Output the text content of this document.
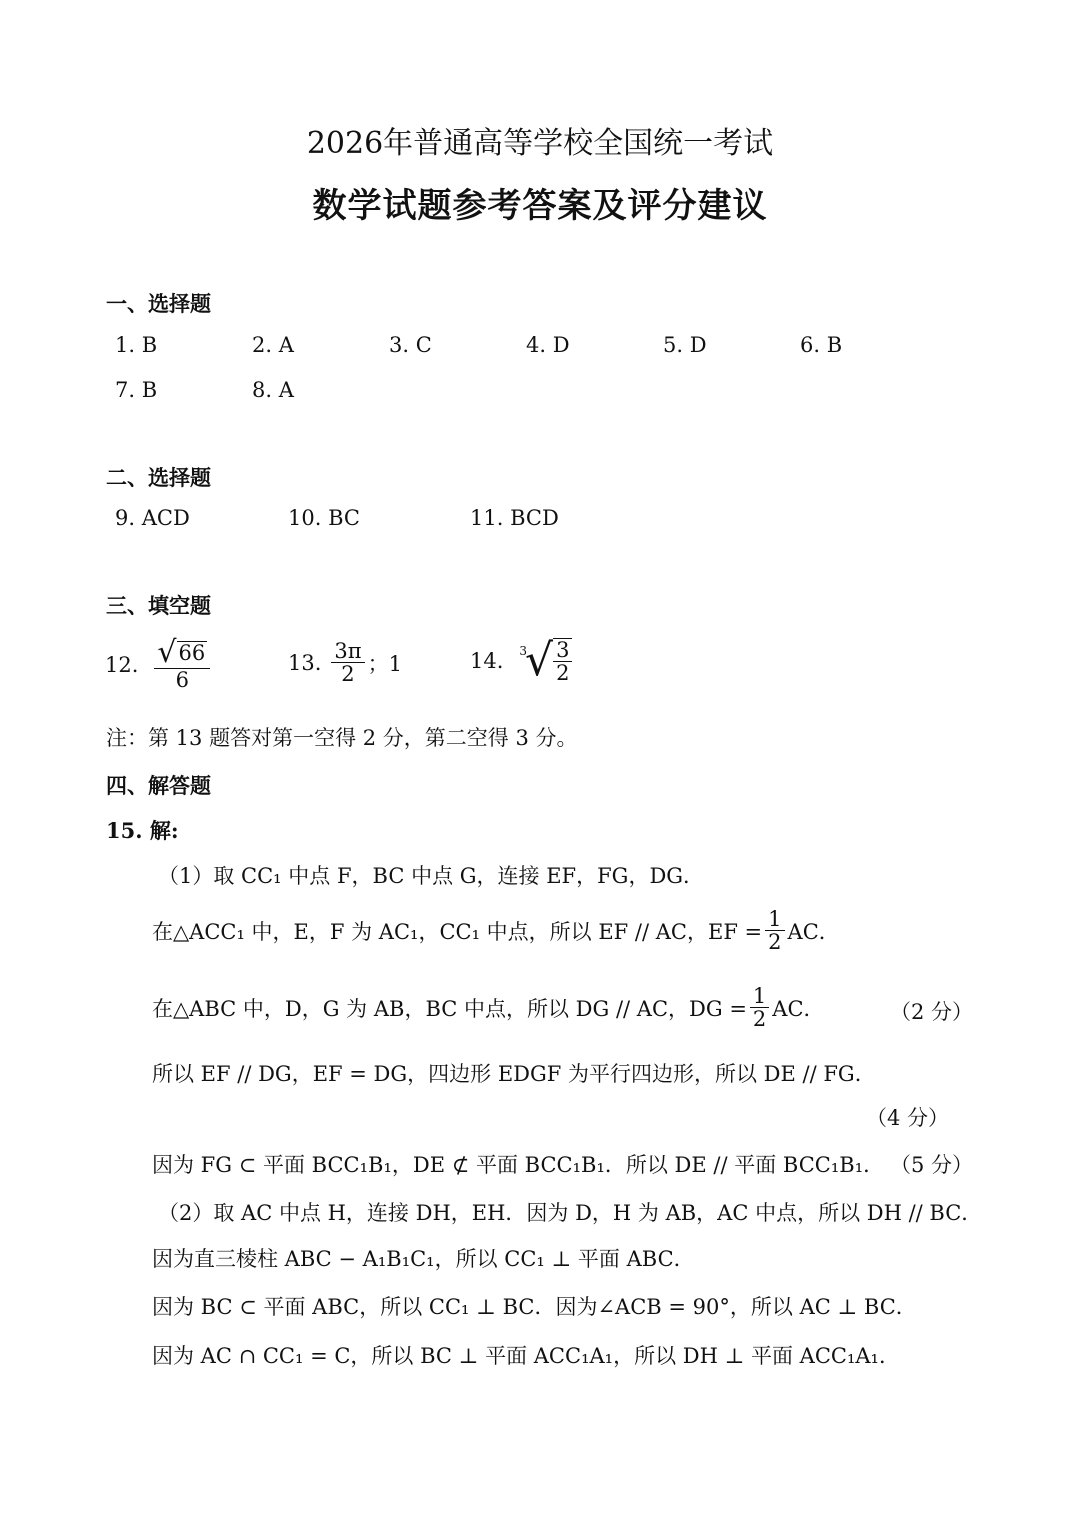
2026年普通高等学校全国统一考试
数学试题参考答案及评分建议
一、选择题
1. B	2. A	3. C	4. D	5. D	6. B
7. B	8. A
二、选择题
9. ACD	10. BC	11. BCD
三、填空题
12. $\frac{√ 66}{6}$	13. $\frac{3\pi}{2}$ ；1	14. 3
√ $\frac{3}{2}$
注：第 13 题答对第一空得 2 分，第二空得 3 分。
四、解答题
15. 解:
（1）取 CC₁ 中点 F，BC 中点 G，连接 EF，FG，DG．
在△ACC₁ 中，E，F 为 AC₁，CC₁ 中点，所以 EF // AC，EF = $\frac{1}{2}$ AC．
在△ABC 中，D，G 为 AB，BC 中点，所以 DG // AC，DG = $\frac{1}{2}$ AC．	（2 分）
所以 EF // DG，EF = DG，四边形 EDGF 为平行四边形，所以 DE // FG．
（4 分）
因为 FG ⊂ 平面 BCC₁B₁，DE ⊄ 平面 BCC₁B₁．所以 DE // 平面 BCC₁B₁． （5 分）
（2）取 AC 中点 H，连接 DH，EH．因为 D，H 为 AB，AC 中点，所以 DH // BC．
因为直三棱柱 ABC − A₁B₁C₁，所以 CC₁ ⊥ 平面 ABC．
因为 BC ⊂ 平面 ABC，所以 CC₁ ⊥ BC．因为∠ACB = 90°，所以 AC ⊥ BC．
因为 AC ∩ CC₁ = C，所以 BC ⊥ 平面 ACC₁A₁，所以 DH ⊥ 平面 ACC₁A₁．
